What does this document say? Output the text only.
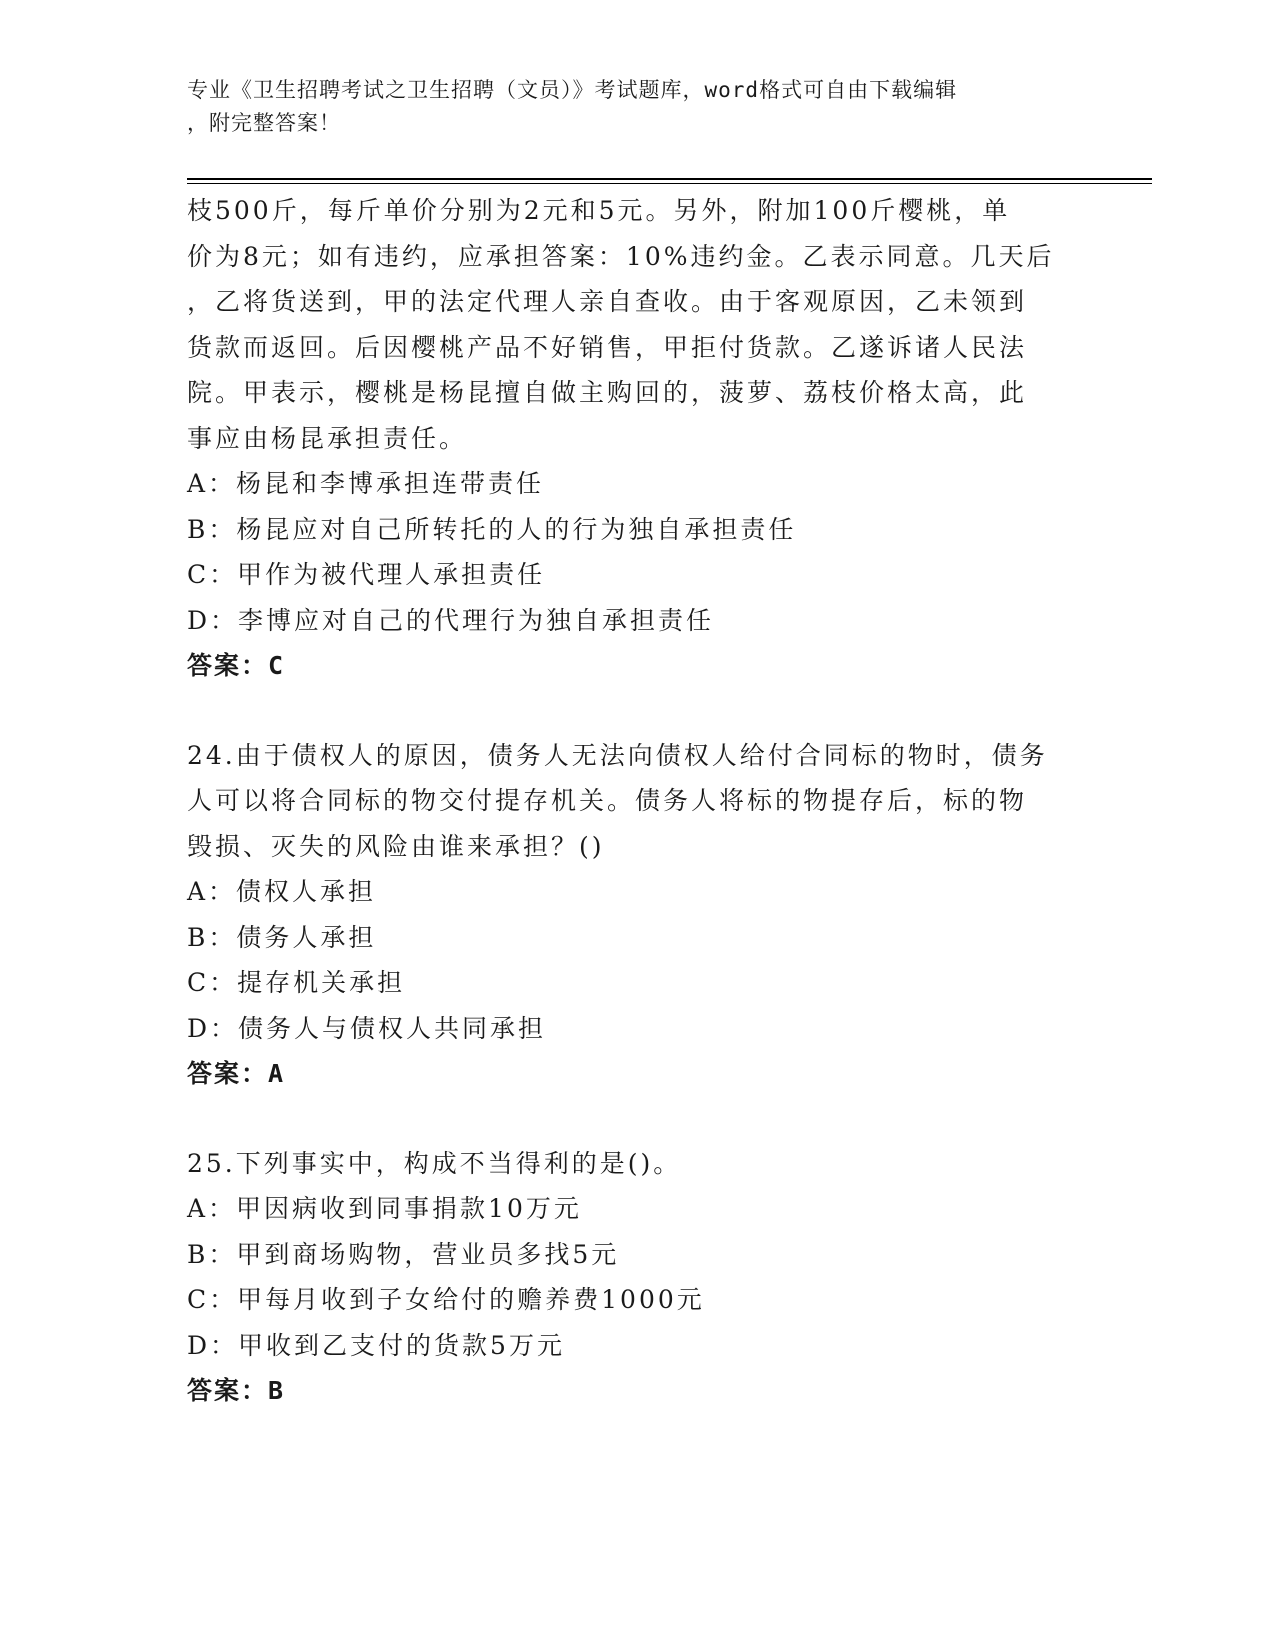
专业《卫生招聘考试之卫生招聘（文员）》考试题库，word格式可自由下载编辑
，附完整答案！
枝500斤，每斤单价分别为2元和5元。另外，附加100斤樱桃，单
价为8元；如有违约，应承担答案：10%违约金。乙表示同意。几天后
，乙将货送到，甲的法定代理人亲自查收。由于客观原因，乙未领到
货款而返回。后因樱桃产品不好销售，甲拒付货款。乙遂诉诸人民法
院。甲表示，樱桃是杨昆擅自做主购回的，菠萝、荔枝价格太高，此
事应由杨昆承担责任。
A：杨昆和李博承担连带责任
B：杨昆应对自己所转托的人的行为独自承担责任
C：甲作为被代理人承担责任
D：李博应对自己的代理行为独自承担责任
答案：C
24.由于债权人的原因，债务人无法向债权人给付合同标的物时，债务
人可以将合同标的物交付提存机关。债务人将标的物提存后，标的物
毁损、灭失的风险由谁来承担？()
A：债权人承担
B：债务人承担
C：提存机关承担
D：债务人与债权人共同承担
答案：A
25.下列事实中，构成不当得利的是()。
A：甲因病收到同事捐款10万元
B：甲到商场购物，营业员多找5元
C：甲每月收到子女给付的赡养费1000元
D：甲收到乙支付的货款5万元
答案：B
